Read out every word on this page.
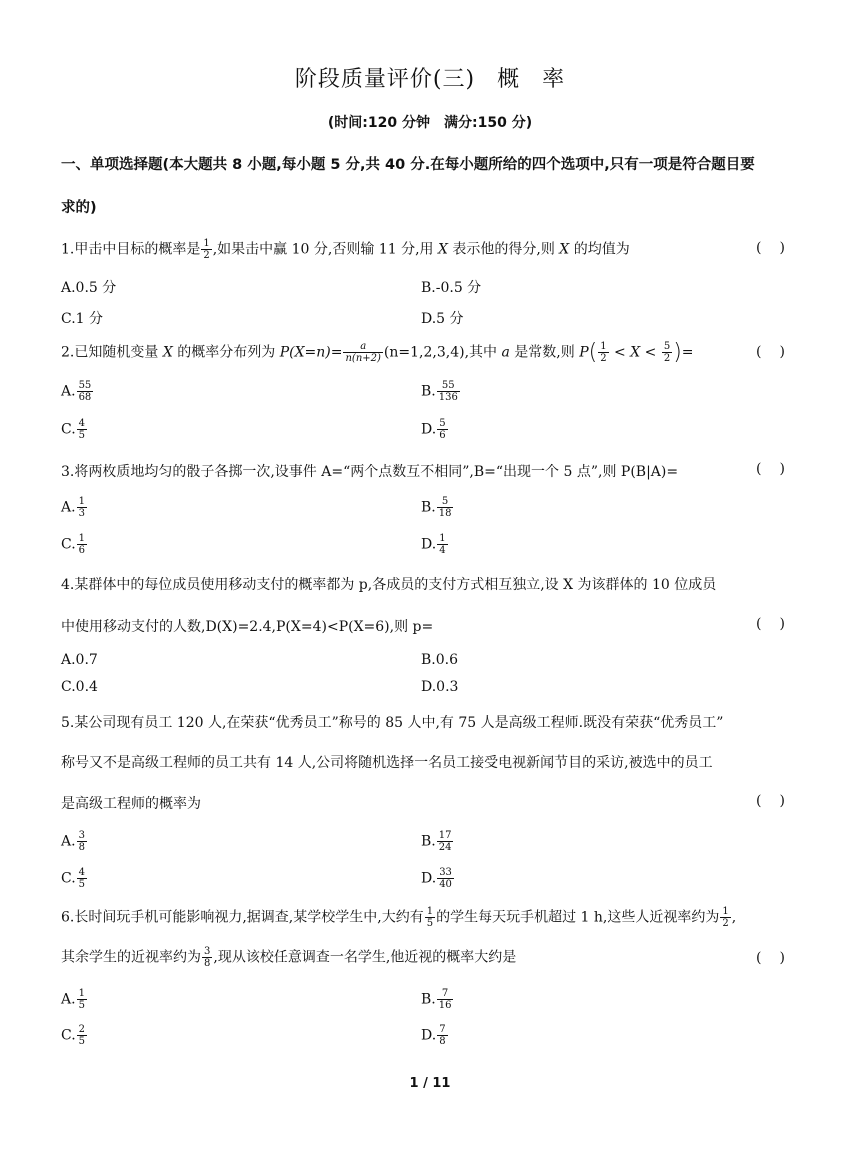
阶段质量评价(三) 概 率
(时间:120 分钟 满分:150 分)
一、单项选择题(本大题共 8 小题,每小题 5 分,共 40 分.在每小题所给的四个选项中,只有一项是符合题目要
求的)
1.甲击中目标的概率是 $\frac{1}{2}$ ,如果击中赢 10 分,否则输 11 分,用 X 表示他的得分,则 X 的均值为	( )
A.0.5 分	B.-0.5 分
C.1 分	D.5 分
2.已知随机变量 X 的概率分布列为 $P(X=n)= \frac{a}{n(n+2)} (n=1,2,3,4)$,其中 a 是常数,则 $P( \frac{1}{2} < X < \frac{5}{2}$ )=	( )
A. $\frac{55}{68}$	B. $\frac{55}{136}$
C. $\frac{4}{5}$	D. $\frac{5}{6}$
3.将两枚质地均匀的骰子各掷一次,设事件 A=“两个点数互不相同”,B=“出现一个 5 点”,则 P(B|A)=	( )
A. $\frac{1}{3}$	B. $\frac{5}{18}$
C. $\frac{1}{6}$	D. $\frac{1}{4}$
4.某群体中的每位成员使用移动支付的概率都为 p,各成员的支付方式相互独立,设 X 为该群体的 10 位成员
中使用移动支付的人数,D(X)=2.4,P(X=4)<P(X=6),则 p=	( )
A.0.7	B.0.6
C.0.4	D.0.3
5.某公司现有员工 120 人,在荣获“优秀员工”称号的 85 人中,有 75 人是高级工程师.既没有荣获“优秀员工”
称号又不是高级工程师的员工共有 14 人,公司将随机选择一名员工接受电视新闻节目的采访,被选中的员工
是高级工程师的概率为	( )
A. $\frac{3}{8}$	B. $\frac{17}{24}$
C. $\frac{4}{5}$	D. $\frac{33}{40}$
6.长时间玩手机可能影响视力,据调查,某学校学生中,大约有 $\frac{1}{5}$ 的学生每天玩手机超过 1 h,这些人近视率约为 $\frac{1}{2}$ ,
其余学生的近视率约为 $\frac{3}{8}$ ,现从该校任意调查一名学生,他近视的概率大约是	( )
A. $\frac{1}{5}$	B. $\frac{7}{16}$
C. $\frac{2}{5}$	D. $\frac{7}{8}$
1 / 11
